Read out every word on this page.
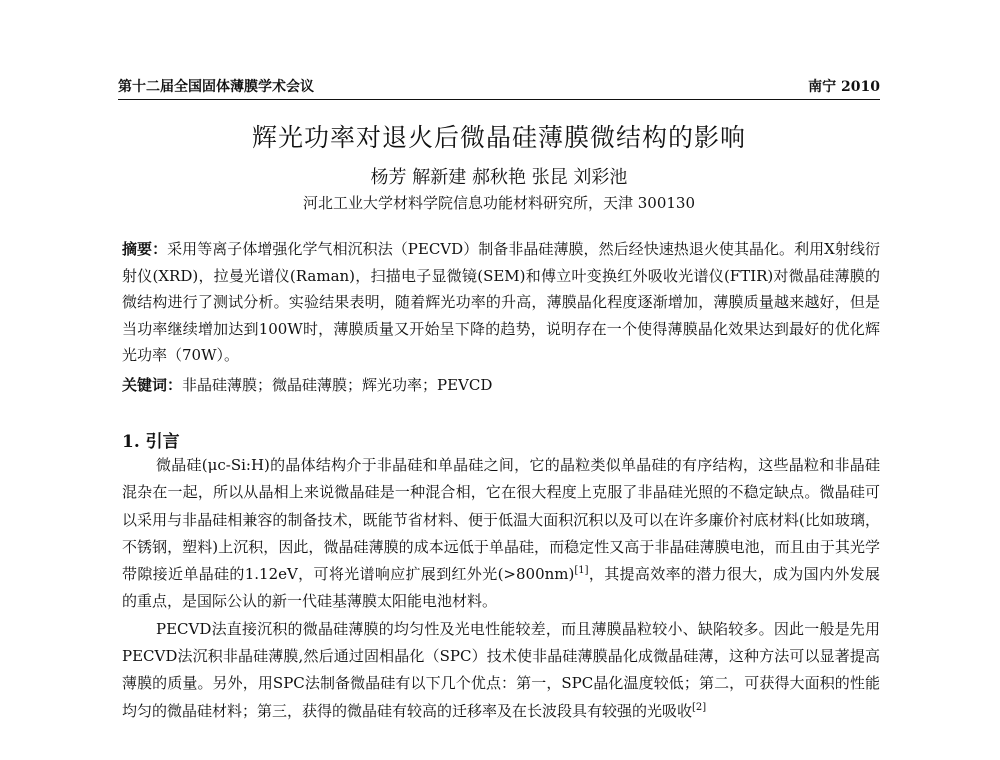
第十二届全国固体薄膜学术会议	南宁 2010
辉光功率对退火后微晶硅薄膜微结构的影响
杨芳 解新建 郝秋艳 张昆 刘彩池
河北工业大学材料学院信息功能材料研究所，天津 300130
摘要：采用等离子体增强化学气相沉积法（PECVD）制备非晶硅薄膜，然后经快速热退火使其晶化。利用X射线衍射仪(XRD)，拉曼光谱仪(Raman)，扫描电子显微镜(SEM)和傅立叶变换红外吸收光谱仪(FTIR)对微晶硅薄膜的微结构进行了测试分析。实验结果表明，随着辉光功率的升高，薄膜晶化程度逐渐增加，薄膜质量越来越好，但是当功率继续增加达到100W时，薄膜质量又开始呈下降的趋势，说明存在一个使得薄膜晶化效果达到最好的优化辉光功率（70W）。
关键词：非晶硅薄膜；微晶硅薄膜；辉光功率；PEVCD
1. 引言

微晶硅(μc-Si:H)的晶体结构介于非晶硅和单晶硅之间，它的晶粒类似单晶硅的有序结构，这些晶粒和非晶硅混杂在一起，所以从晶相上来说微晶硅是一种混合相，它在很大程度上克服了非晶硅光照的不稳定缺点。微晶硅可以采用与非晶硅相兼容的制备技术，既能节省材料、便于低温大面积沉积以及可以在许多廉价衬底材料(比如玻璃，不锈钢，塑料)上沉积，因此，微晶硅薄膜的成本远低于单晶硅，而稳定性又高于非晶硅薄膜电池，而且由于其光学带隙接近单晶硅的1.12eV，可将光谱响应扩展到红外光(>800nm)[1]，其提高效率的潜力很大，成为国内外发展的重点，是国际公认的新一代硅基薄膜太阳能电池材料。

PECVD法直接沉积的微晶硅薄膜的均匀性及光电性能较差，而且薄膜晶粒较小、缺陷较多。因此一般是先用PECVD法沉积非晶硅薄膜,然后通过固相晶化（SPC）技术使非晶硅薄膜晶化成微晶硅薄，这种方法可以显著提高薄膜的质量。另外，用SPC法制备微晶硅有以下几个优点：第一，SPC晶化温度较低；第二，可获得大面积的性能均匀的微晶硅材料；第三，获得的微晶硅有较高的迁移率及在长波段具有较强的光吸收[2]
